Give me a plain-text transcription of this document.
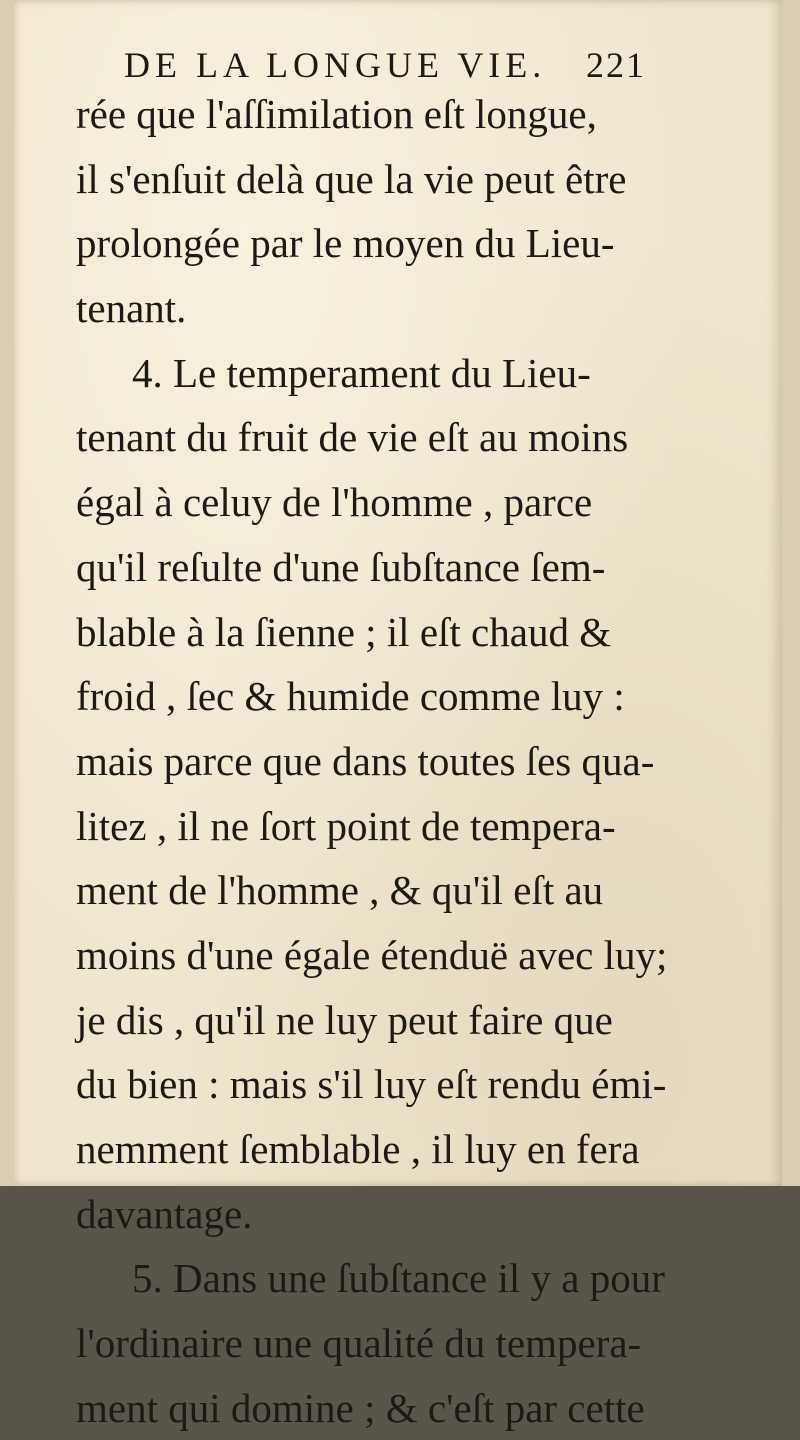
DE LA LONGUE VIE.	221
rée que l'aſſimilation eſt longue,
il s'enſuit delà que la vie peut être
prolongée par le moyen du Lieu-
tenant.
4. Le temperament du Lieu-
tenant du fruit de vie eſt au moins
égal à celuy de l'homme , parce
qu'il reſulte d'une ſubſtance ſem-
blable à la ſienne ; il eſt chaud &
froid , ſec & humide comme luy :
mais parce que dans toutes ſes qua-
litez , il ne ſort point de tempera-
ment de l'homme , & qu'il eſt au
moins d'une égale étenduë avec luy;
je dis , qu'il ne luy peut faire que
du bien : mais s'il luy eſt rendu émi-
nemment ſemblable , il luy en fera
davantage.
5. Dans une ſubſtance il y a pour
l'ordinaire une qualité du tempera-
ment qui domine ; & c'eſt par cette
